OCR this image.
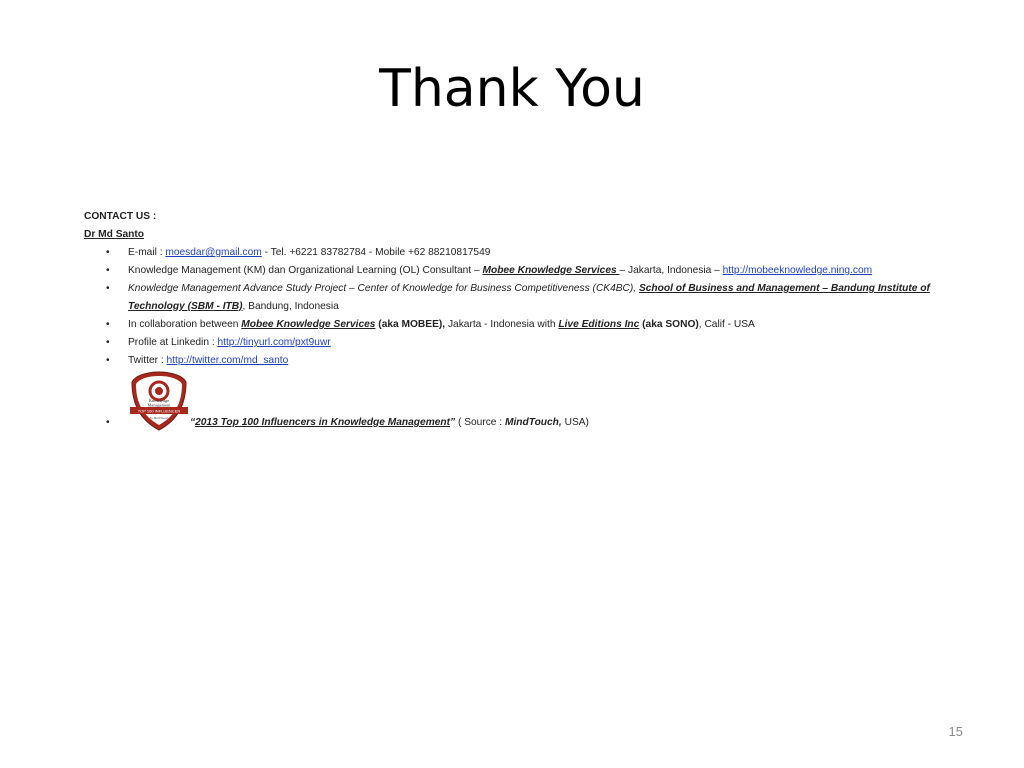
Thank You

CONTACT US :

Dr Md Santo

• E-mail : moesdar@gmail.com - Tel. +6221 83782784 - Mobile +62 88210817549
• Knowledge Management (KM) dan Organizational Learning (OL) Consultant – Mobee Knowledge Services – Jakarta, Indonesia – http://mobeeknowledge.ning.com
• Knowledge Management Advance Study Project – Center of Knowledge for Business Competitiveness (CK4BC), School of Business and Management – Bandung Institute of Technology (SBM - ITB), Bandung, Indonesia
• In collaboration between Mobee Knowledge Services (aka MOBEE), Jakarta - Indonesia with Live Editions Inc (aka SONO), Calif - USA
• Profile at Linkedin : http://tinyurl.com/pxt9uwr
• Twitter : http://twitter.com/md_santo
•
TOP 100 INFLUENCER
Knowledge
Management
by MindTouch “2013 Top 100 Influencers in Knowledge Management” ( Source : MindTouch, USA)
15
